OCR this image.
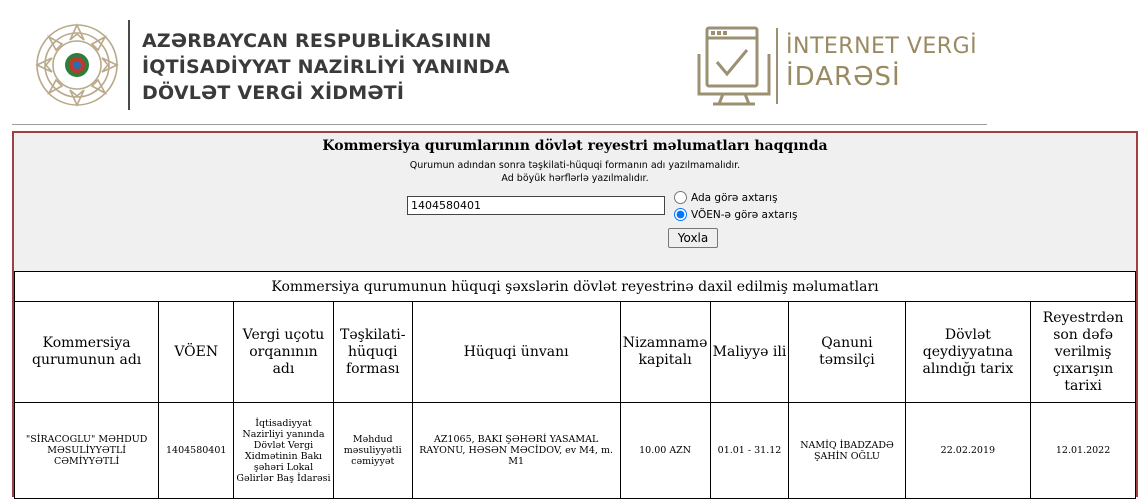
AZƏRBAYCAN RESPUBLİKASININ
İQTİSADİYYAT NAZİRLİYİ YANINDA
DÖVLƏT VERGİ XİDMƏTİ
İNTERNET VERGİ
İDARƏSİ
Kommersiya qurumlarının dövlət reyestri məlumatları haqqında
Qurumun adından sonra təşkilati-hüquqi formanın adı yazılmamalıdır.
Ad böyük hərflərlə yazılmalıdır.
1404580401
Ada görə axtarış
VÖEN-ə görə axtarış
Yoxla
Kommersiya qurumunun hüquqi şəxslərin dövlət reyestrinə daxil edilmiş məlumatları									
Kommersiya qurumunun adı	VÖEN	Vergi uçotu orqanının adı	Təşkilati-hüquqi forması	Hüquqi ünvanı	Nizamnamə kapitalı	Maliyyə ili	Qanuni təmsilçi	Dövlət qeydiyyatına alındığı tarix	Reyestrdən son dəfə verilmiş çıxarışın tarixi
"SİRACOGLU" MƏHDUD MƏSULİYYƏTLİ CƏMİYYƏTLİ	1404580401	İqtisadiyyat Nazirliyi yanında Dövlət Vergi Xidmətinin Bakı şəhəri Lokal Gəlirlər Baş İdarəsi	Məhdud məsuliyyətli cəmiyyət	AZ1065, BAKI ŞƏHƏRİ YASAMAL RAYONU, HƏSƏN MƏCİDOV, ev M4, m. M1	10.00 AZN	01.01 - 31.12	NAMİQ İBADZADƏ ŞAHİN OĞLU	22.02.2019	12.01.2022
